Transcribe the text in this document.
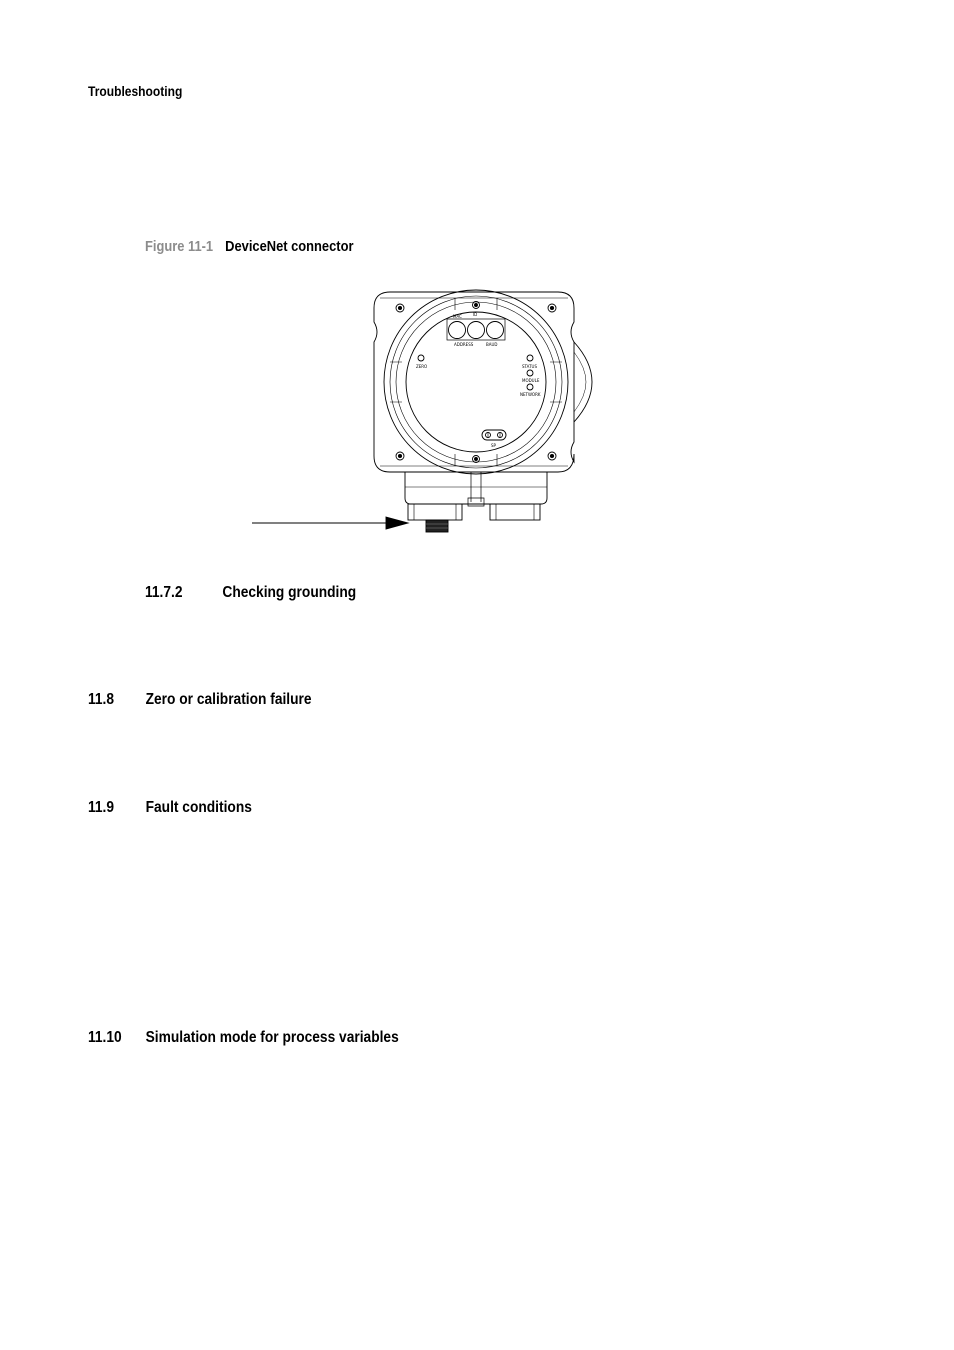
Troubleshooting
Figure 11-1 DeviceNet connector
MAC	ID
ADDRESS	BAUD
ZERO	STATUS
MODULE
NETWORK
SP
11.7.2 Checking grounding
11.8 Zero or calibration failure
11.9 Fault conditions
11.10 Simulation mode for process variables
